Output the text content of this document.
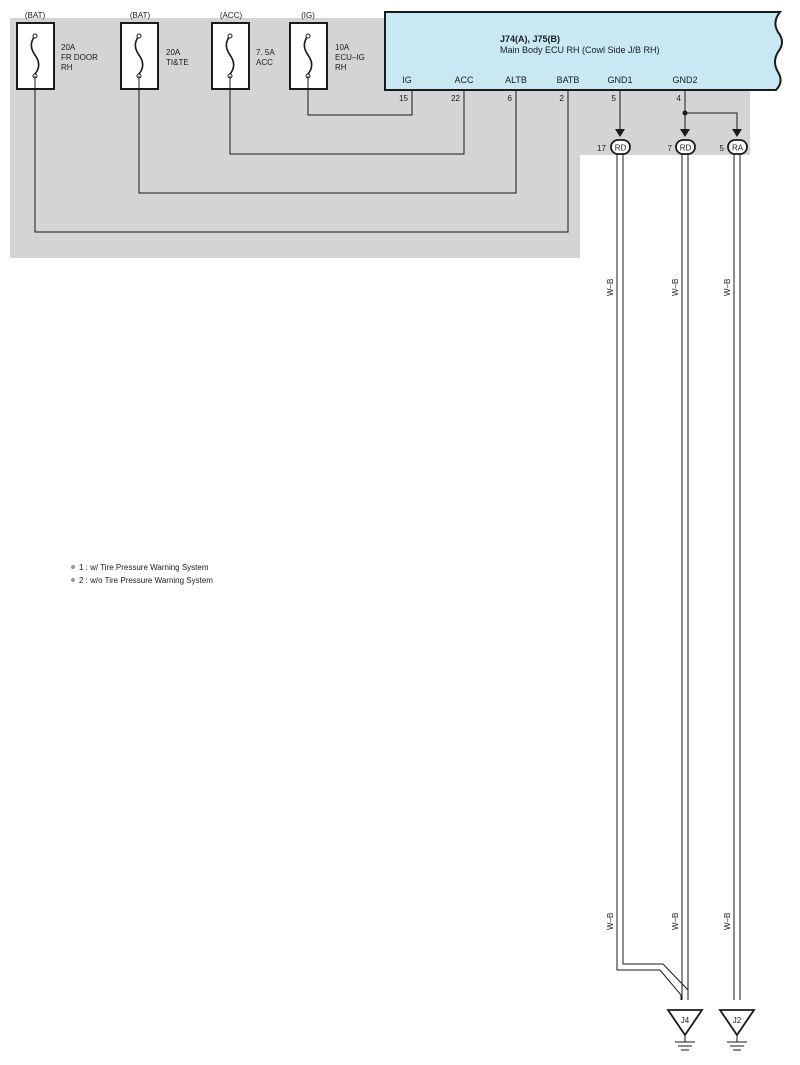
J74(A), J75(B)
Main Body ECU RH (Cowl Side J/B RH)
IG	ACC	ALTB	BATB	GND1	GND2
15	22	6	2	5	4
(BAT)
20A
FR DOOR
RH
(BAT)
20A
TI&TE
(ACC)
7. 5A
ACC
(IG)
10A
ECU–IG
RH
17 RD	7 RD	5 RA
W–B	W–B	W–B
W–B	W–B	W–B
J4	J2
1 : w/ Tire Pressure Warning System
2 : w/o Tire Pressure Warning System
